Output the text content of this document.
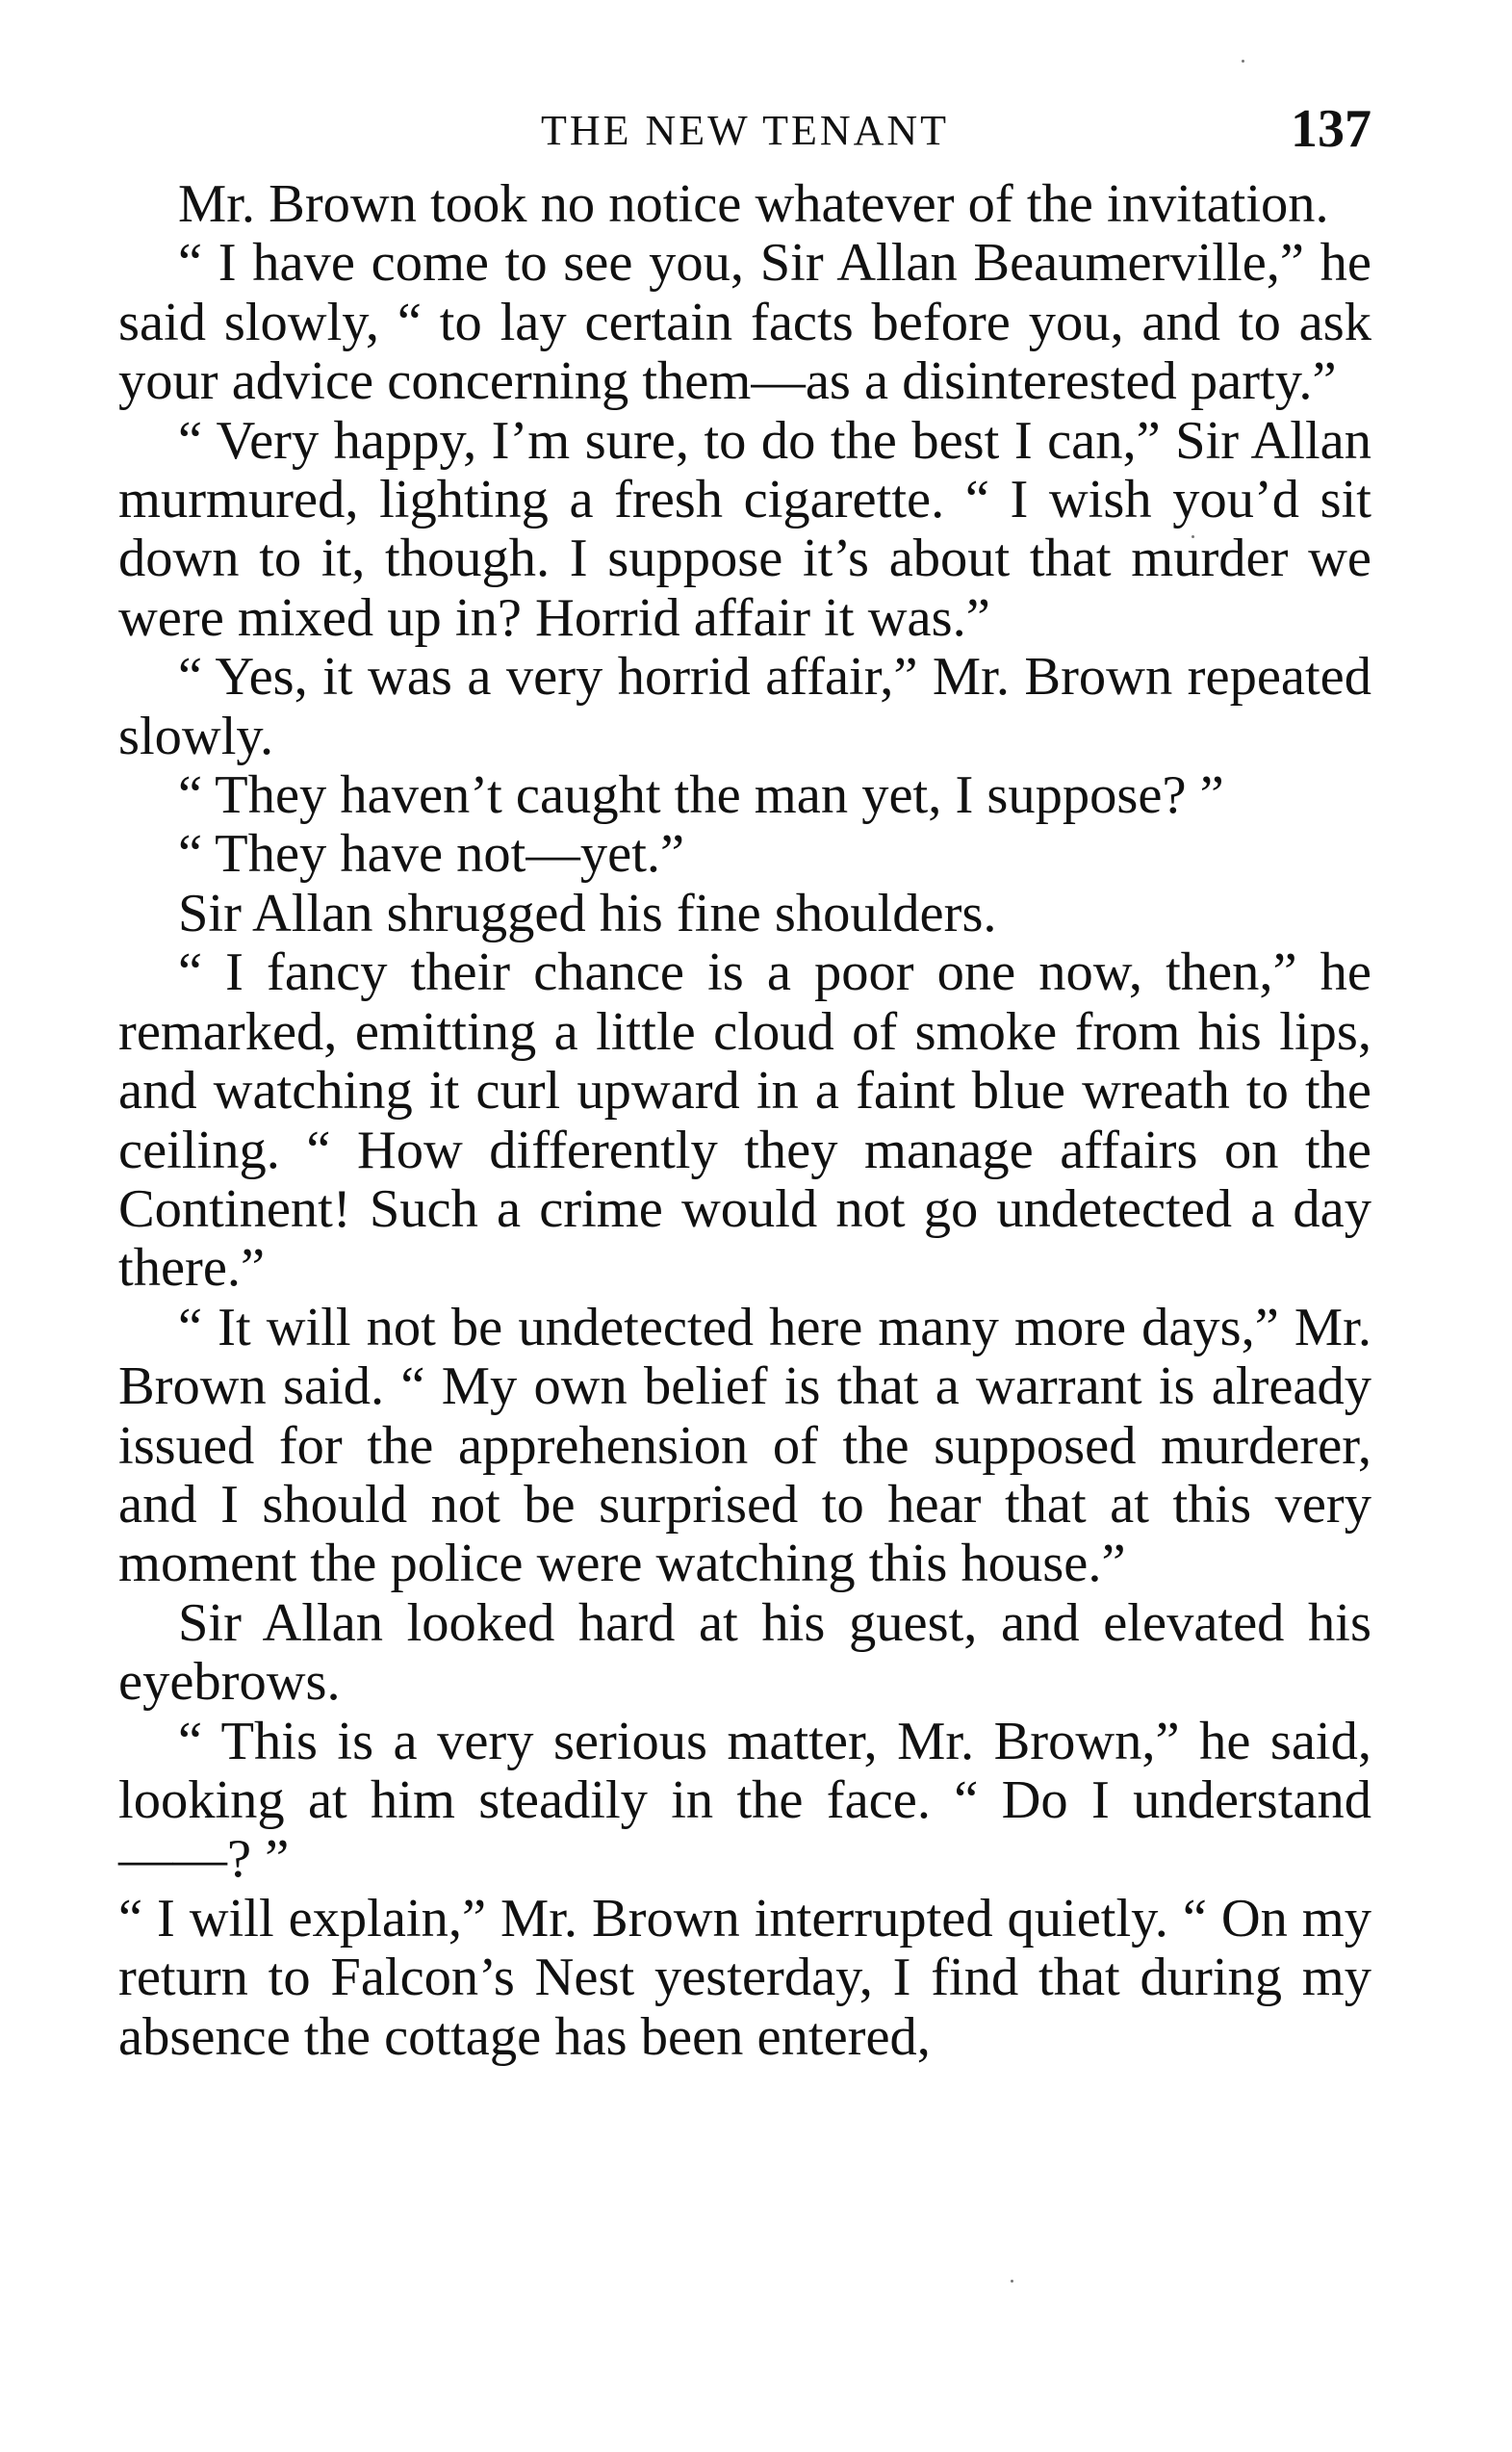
THE NEW TENANT	137

Mr. Brown took no notice whatever of the invitation.

“ I have come to see you, Sir Allan Beaumerville,” he said slowly, “ to lay certain facts before you, and to ask your advice concerning them—as a disinterested party.”

“ Very happy, I’m sure, to do the best I can,” Sir Allan murmured, lighting a fresh cigarette. “ I wish you’d sit down to it, though. I suppose it’s about that murder we were mixed up in? Horrid affair it was.”

“ Yes, it was a very horrid affair,” Mr. Brown repeated slowly.

“ They haven’t caught the man yet, I suppose? ”

“ They have not—yet.”

Sir Allan shrugged his fine shoulders.

“ I fancy their chance is a poor one now, then,” he remarked, emitting a little cloud of smoke from his lips, and watching it curl upward in a faint blue wreath to the ceiling. “ How differently they manage affairs on the Continent! Such a crime would not go undetected a day there.”

“ It will not be undetected here many more days,” Mr. Brown said. “ My own belief is that a warrant is already issued for the apprehension of the supposed murderer, and I should not be surprised to hear that at this very moment the police were watching this house.”

Sir Allan looked hard at his guest, and elevated his eyebrows.

“ This is a very serious matter, Mr. Brown,” he said, looking at him steadily in the face. “ Do I understand——? ”

“ I will explain,” Mr. Brown interrupted quietly. “ On my return to Falcon’s Nest yesterday, I find that during my absence the cottage has been entered,
